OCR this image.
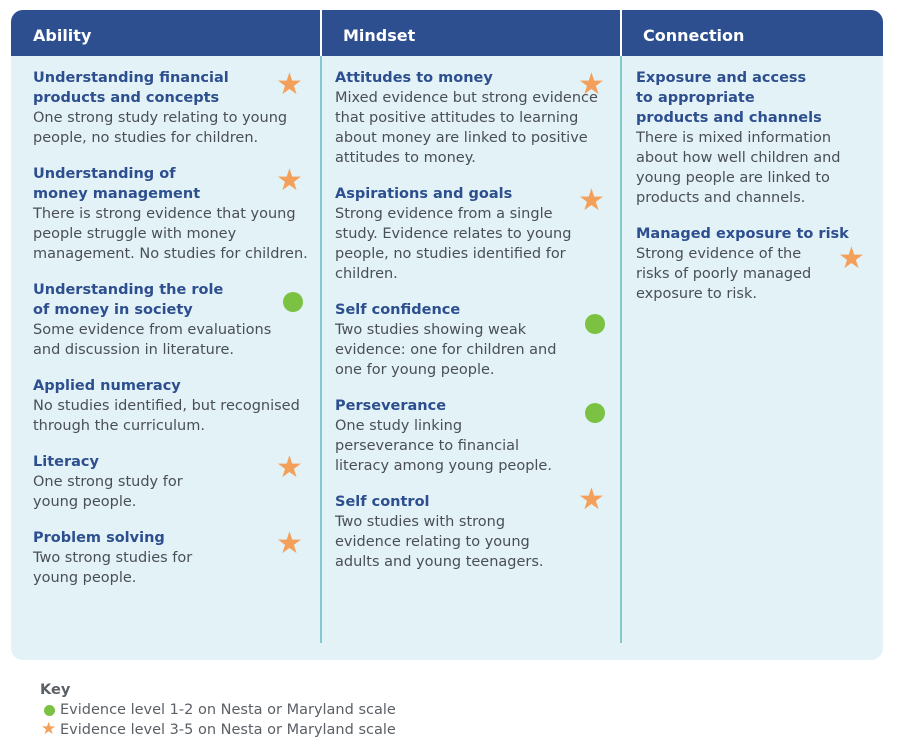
Ability	Mindset	Connection
Understanding financial products and concepts
One strong study relating to young people, no studies for children.
★
Understanding of money management
There is strong evidence that young people struggle with money management. No studies for children.
★
Understanding the role of money in society
Some evidence from evaluations and discussion in literature.
Applied numeracy
No studies identified, but recognised through the curriculum.
Literacy
One strong study for young people.
★
Problem solving
Two strong studies for young people.
★
Attitudes to money
Mixed evidence but strong evidence that positive attitudes to learning about money are linked to positive attitudes to money.
★
Aspirations and goals
Strong evidence from a single study. Evidence relates to young people, no studies identified for children.
★
Self confidence
Two studies showing weak evidence: one for children and one for young people.
Perseverance
One study linking perseverance to financial literacy among young people.
Self control
Two studies with strong evidence relating to young adults and young teenagers.
★
Exposure and access to appropriate products and channels
There is mixed information about how well children and young people are linked to products and channels.
Managed exposure to risk
Strong evidence of the risks of poorly managed exposure to risk.
★
Key
Evidence level 1-2 on Nesta or Maryland scale
★ Evidence level 3-5 on Nesta or Maryland scale
